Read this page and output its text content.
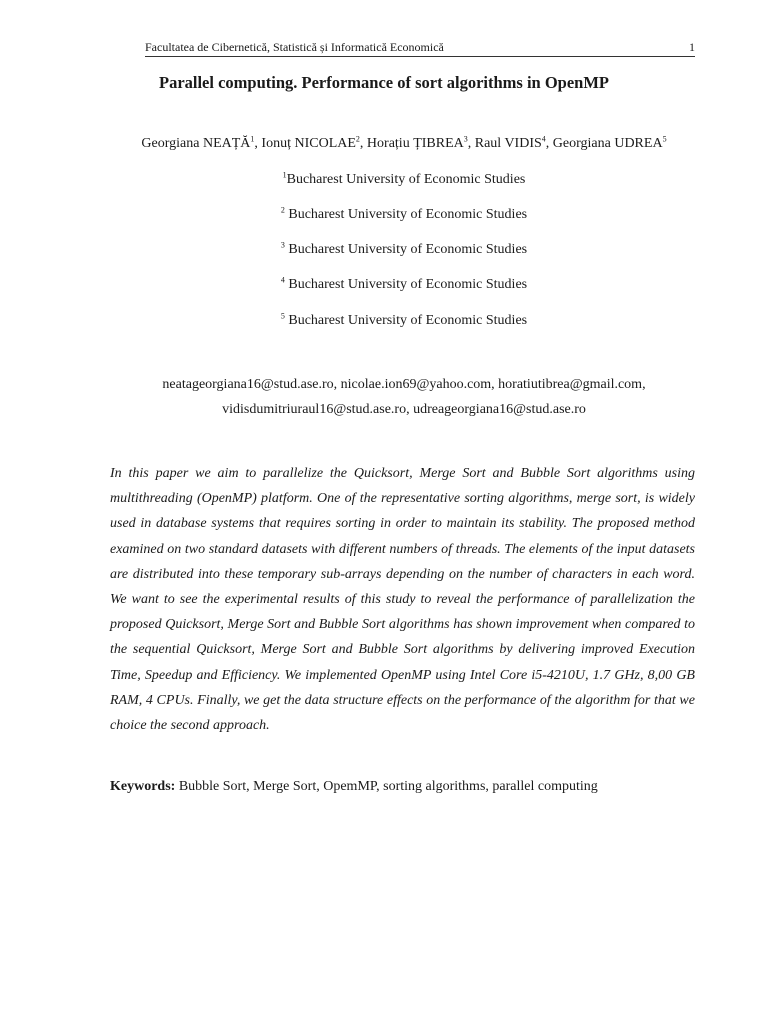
Facultatea de Cibernetică, Statistică și Informatică Economică	1
Parallel computing. Performance of sort algorithms in OpenMP
Georgiana NEAȚĂ$^1$, Ionuț NICOLAE$^2$, Horațiu ȚIBREA$^3$, Raul VIDIS$^4$, Georgiana UDREA$^5$
$^1$Bucharest University of Economic Studies
$^2$ Bucharest University of Economic Studies
$^3$ Bucharest University of Economic Studies
$^4$ Bucharest University of Economic Studies
$^5$ Bucharest University of Economic Studies
neatageorgiana16@stud.ase.ro, nicolae.ion69@yahoo.com, horatiutibrea@gmail.com,
vidisdumitriuraul16@stud.ase.ro, udreageorgiana16@stud.ase.ro

In this paper we aim to parallelize the Quicksort, Merge Sort and Bubble Sort algorithms using multithreading (OpenMP) platform. One of the representative sorting algorithms, merge sort, is widely used in database systems that requires sorting in order to maintain its stability. The proposed method examined on two standard datasets with different numbers of threads. The elements of the input datasets are distributed into these temporary sub-arrays depending on the number of characters in each word. We want to see the experimental results of this study to reveal the performance of parallelization the proposed Quicksort, Merge Sort and Bubble Sort algorithms has shown improvement when compared to the sequential Quicksort, Merge Sort and Bubble Sort algorithms by delivering improved Execution Time, Speedup and Efficiency. We implemented OpenMP using Intel Core i5-4210U, 1.7 GHz, 8,00 GB RAM, 4 CPUs. Finally, we get the data structure effects on the performance of the algorithm for that we choice the second approach.

Keywords: Bubble Sort, Merge Sort, OpemMP, sorting algorithms, parallel computing
